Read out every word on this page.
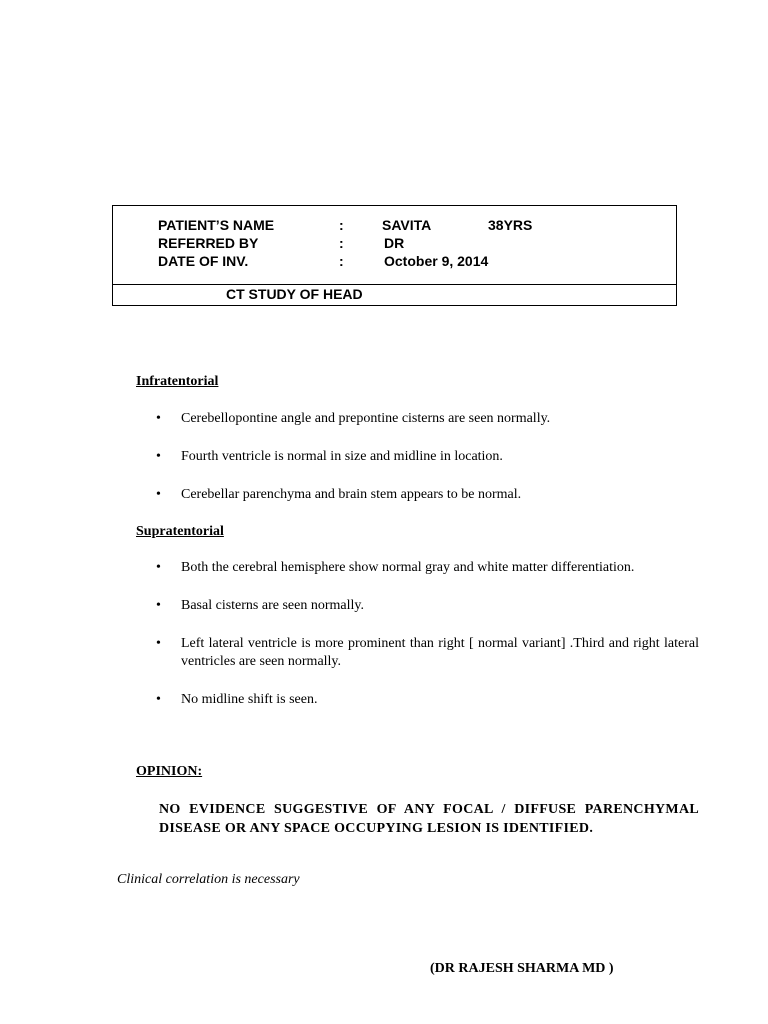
PATIENT’S NAME	:	SAVITA	38YRS
REFERRED BY	:	DR
DATE OF INV.	:	October 9, 2014
CT STUDY OF HEAD
Infratentorial
• Cerebellopontine angle and prepontine cisterns are seen normally.
• Fourth ventricle is normal in size and midline in location.
• Cerebellar parenchyma and brain stem appears to be normal.
Supratentorial
• Both the cerebral hemisphere show normal gray and white matter differentiation.
• Basal cisterns are seen normally.
• Left lateral ventricle is more prominent than right [ normal variant] .Third and right lateral ventricles are seen normally.
• No midline shift is seen.
OPINION:
NO EVIDENCE SUGGESTIVE OF ANY FOCAL / DIFFUSE PARENCHYMAL DISEASE OR ANY SPACE OCCUPYING LESION IS IDENTIFIED.
Clinical correlation is necessary
(DR RAJESH SHARMA MD )
